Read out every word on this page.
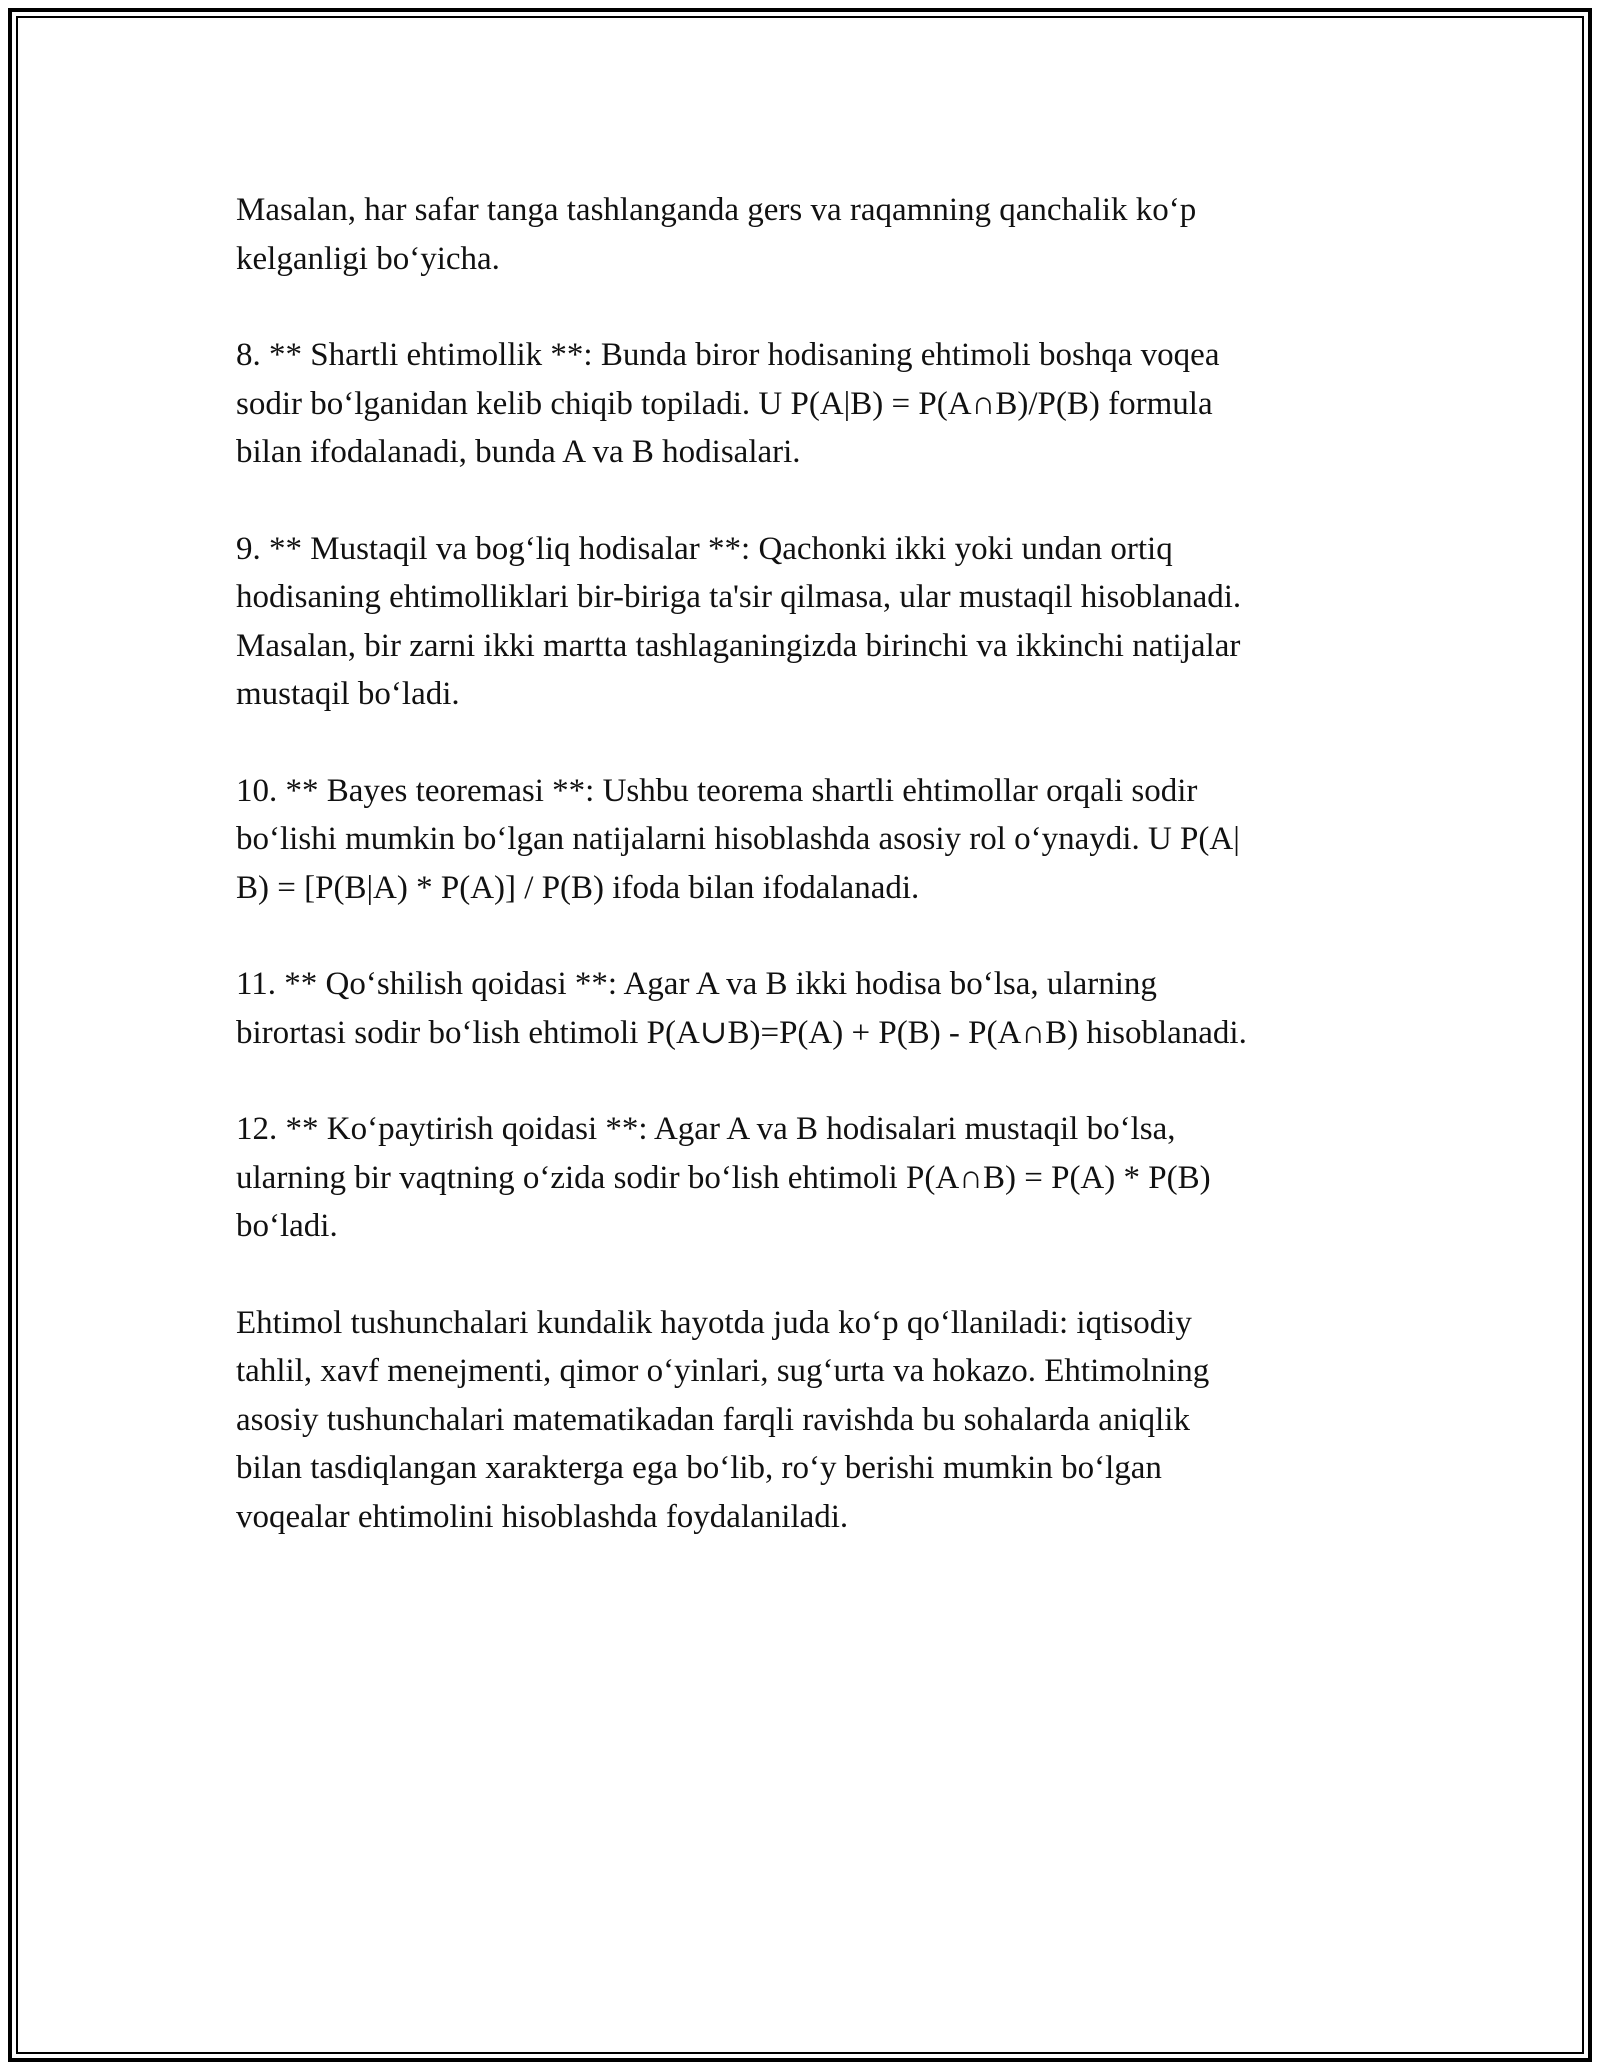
Masalan, har safar tanga tashlanganda gers va raqamning qanchalik ko‘p
kelganligi bo‘yicha.

8. ** Shartli ehtimollik **: Bunda biror hodisaning ehtimoli boshqa voqea
sodir bo‘lganidan kelib chiqib topiladi. U P(A|B) = P(A∩B)/P(B) formula
bilan ifodalanadi, bunda A va B hodisalari.

9. ** Mustaqil va bog‘liq hodisalar **: Qachonki ikki yoki undan ortiq
hodisaning ehtimolliklari bir-biriga ta'sir qilmasa, ular mustaqil hisoblanadi.
Masalan, bir zarni ikki martta tashlaganingizda birinchi va ikkinchi natijalar
mustaqil bo‘ladi.

10. ** Bayes teoremasi **: Ushbu teorema shartli ehtimollar orqali sodir
bo‘lishi mumkin bo‘lgan natijalarni hisoblashda asosiy rol o‘ynaydi. U P(A|
B) = [P(B|A) * P(A)] / P(B) ifoda bilan ifodalanadi.

11. ** Qo‘shilish qoidasi **: Agar A va B ikki hodisa bo‘lsa, ularning
birortasi sodir bo‘lish ehtimoli P(A∪B)=P(A) + P(B) - P(A∩B) hisoblanadi.

12. ** Ko‘paytirish qoidasi **: Agar A va B hodisalari mustaqil bo‘lsa,
ularning bir vaqtning o‘zida sodir bo‘lish ehtimoli P(A∩B) = P(A) * P(B)
bo‘ladi.

Ehtimol tushunchalari kundalik hayotda juda ko‘p qo‘llaniladi: iqtisodiy
tahlil, xavf menejmenti, qimor o‘yinlari, sug‘urta va hokazo. Ehtimolning
asosiy tushunchalari matematikadan farqli ravishda bu sohalarda aniqlik
bilan tasdiqlangan xarakterga ega bo‘lib, ro‘y berishi mumkin bo‘lgan
voqealar ehtimolini hisoblashda foydalaniladi.
